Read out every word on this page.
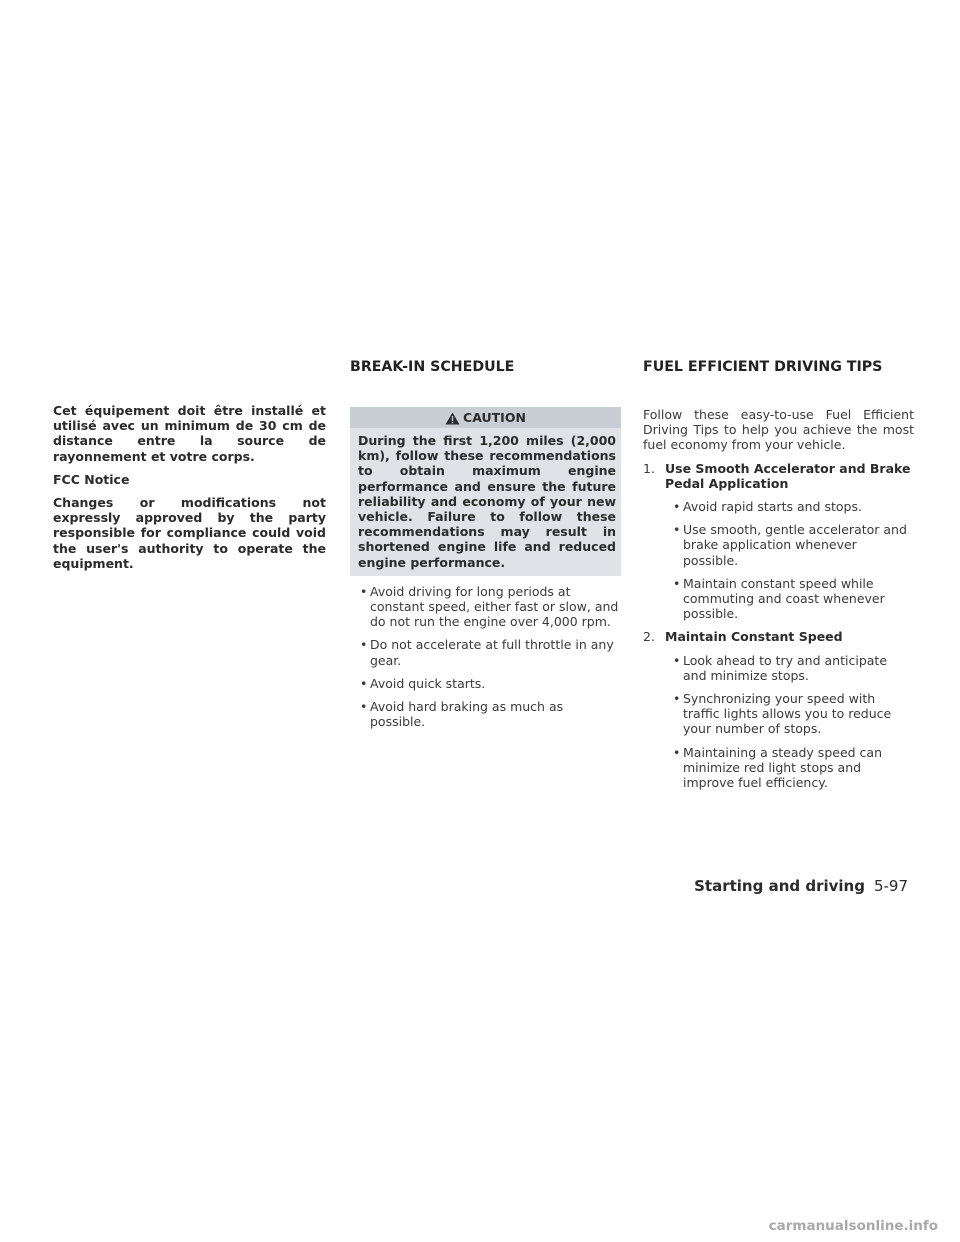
Cet équipement doit être installé et utilisé avec un minimum de 30 cm de distance entre la source de rayonnement et votre corps.

FCC Notice

Changes or modifications not expressly approved by the party responsible for compliance could void the user's authority to operate the equipment.

BREAK-IN SCHEDULE
CAUTION
During the first 1,200 miles (2,000 km), follow these recommendations to obtain maximum engine performance and ensure the future reliability and economy of your new vehicle. Failure to follow these recommendations may result in shortened engine life and reduced engine performance.
• Avoid driving for long periods at constant speed, either fast or slow, and do not run the engine over 4,000 rpm.
• Do not accelerate at full throttle in any gear.
• Avoid quick starts.
• Avoid hard braking as much as possible.
FUEL EFFICIENT DRIVING TIPS

Follow these easy-to-use Fuel Efficient Driving Tips to help you achieve the most fuel economy from your vehicle.

1. Use Smooth Accelerator and Brake Pedal Application
• Avoid rapid starts and stops.
• Use smooth, gentle accelerator and brake application whenever possible.
• Maintain constant speed while commuting and coast whenever possible.
2. Maintain Constant Speed
• Look ahead to try and anticipate and minimize stops.
• Synchronizing your speed with traffic lights allows you to reduce your number of stops.
• Maintaining a steady speed can minimize red light stops and improve fuel efficiency.
Starting and driving 5-97
carmanualsonline.info
